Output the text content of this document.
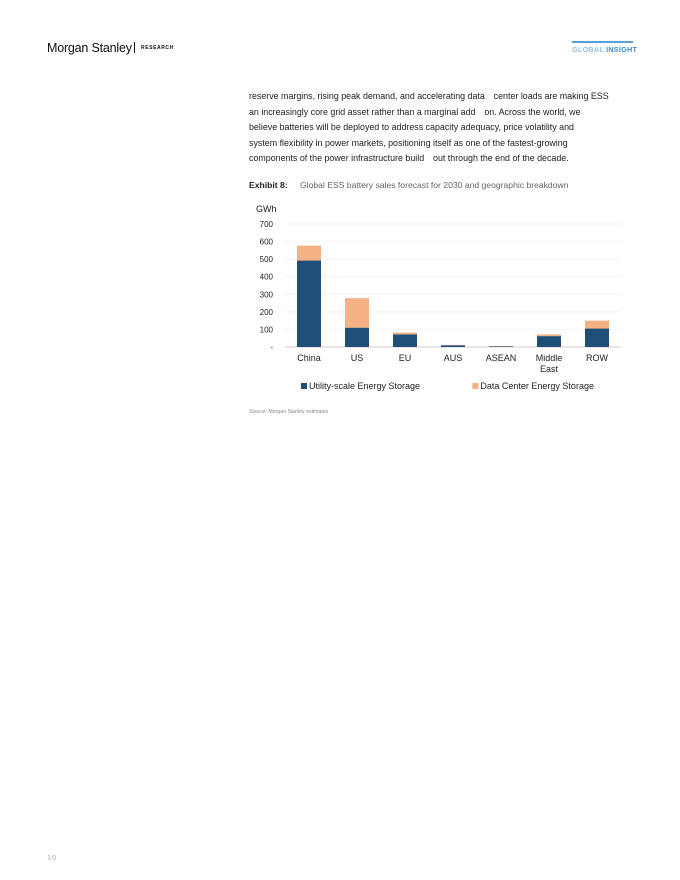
Morgan Stanley RESEARCH	GLOBAL INSIGHT
reserve margins, rising peak demand, and accelerating data center loads are making ESS
an increasingly core grid asset rather than a marginal add on. Across the world, we
believe batteries will be deployed to address capacity adequacy, price volatility and
system flexibility in power markets, positioning itself as one of the fastest-growing
components of the power infrastructure build out through the end of the decade.
Exhibit 8: Global ESS battery sales forecast for 2030 and geographic breakdown
GWh
-
100
200
300
400
500
600
700
China	US	EU	AUS	ASEAN Middle
East
ROW
Utility-scale Energy Storage	Data Center Energy Storage
Source: Morgan Stanley estimates
10
